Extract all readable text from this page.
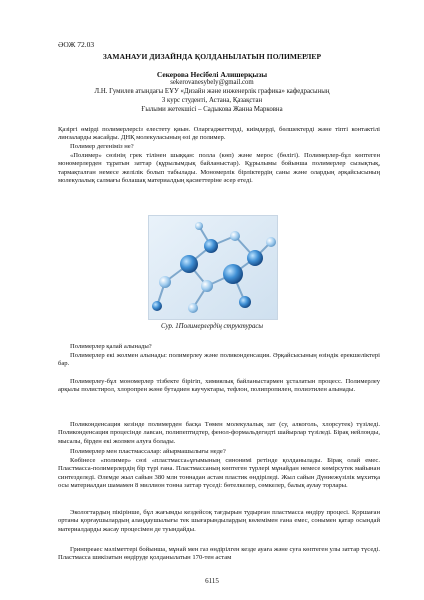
ӘОЖ 72.03
ЗАМАНАУИ ДИЗАЙНДА ҚОЛДАНЫЛАТЫН ПОЛИМЕРЛЕР
Секерова Несібелі Алишерқызы
sekerovanesybely@gmail.com
Л.Н. Гумилев атындағы ЕҰУ «Дизайн және инженерлік графика» кафедрасының
3 курс студенті, Астана, Қазақстан
Ғылыми жетекшісі – Садыкова Жанна Марковна
Қазіргі өмірді полимерлерсіз елестету қиын. Оларгаджеттерді, киімдерді, бөлшектерді және тіпті контактілі линзаларды жасайды. ДНҚ молекуласының өзі де полимер.
Полимер дегеніміз не?
«Полимер» сөзінің грек тілінен шыққан: полла (көп) және мерос (бөлігі). Полимерлер-бұл көптеген мономерлерден тұратын заттар (құрылымдық байланыстар). Құрылымы бойынша полимерлер сызықтық, тармақталған немесе желілік болып табылады. Мономерлік бірліктердің саны және олардың әрқайсысының молекулалық салмағы болашақ материалдың қасиеттеріне әсер етеді.
Сур. 1Полимерлердің структурасы
Полимерлер қалай алынады?
Полимерлер екі жолмен алынады: полимерлеу және поликонденсация. Әрқайсысының өзіндік ерекшеліктері бар.
Полимерлеу-бұл мономерлер тізбекте бірігіп, химиялық байланыстармен ұсталатын процесс. Полимерлеу арқылы полистирол, хлоропрен және бутадиен каучуктары, тефлон, полипропилен, полиэтилен алынады.
Поликонденсация кезінде полимерден басқа Төмен молекулалық зат (су, алкоголь, хлорсутек) түзіледі. Поликонденсация процесінде лавсан, полипептидтер, фенол-формальдегидті шайырлар түзіледі. Бірақ нейлонды, мысалы, бірден екі жолмен алуға болады.
Полимерлер мен пластмассалар: айырмашылығы неде?
Көбінесе «полимер» сөзі «пластмасса»ұғымының синонимі ретінде қолданылады. Бірақ олай емес. Пластмасса-полимерлердің бір түрі ғана. Пластмассаның көптеген түрлері мұнайдан немесе көмірсутек майынан синтезделеді. Әлемде жыл сайын 380 млн тоннадан астам пластик өндіріледі. Жыл сайын Дүниежүзілік мұхитқа осы материалдан шамамен 8 миллион тонна заттар түседі: бөтелкелер, сөмкелер, балық аулау торлары.
Экологтардың пікірінше, бұл жағымды кездейсоқ тағдырын тудырған пластмасса өндіру процесі. Қоршаған ортаны қорғаушылардың алаңдаушылығы тек шығарындылардың көлемімен ғана емес, сонымен қатар осындай материалдарды жасау процесімен де туындайды.
Гринпреаес мәліметтері бойынша, мұнай мен газ өндірілген кезде ауаға және суға көптеген улы заттар түседі. Пластмасса шикізатын өндіруде қолданылатын 170-тен астам
6115
